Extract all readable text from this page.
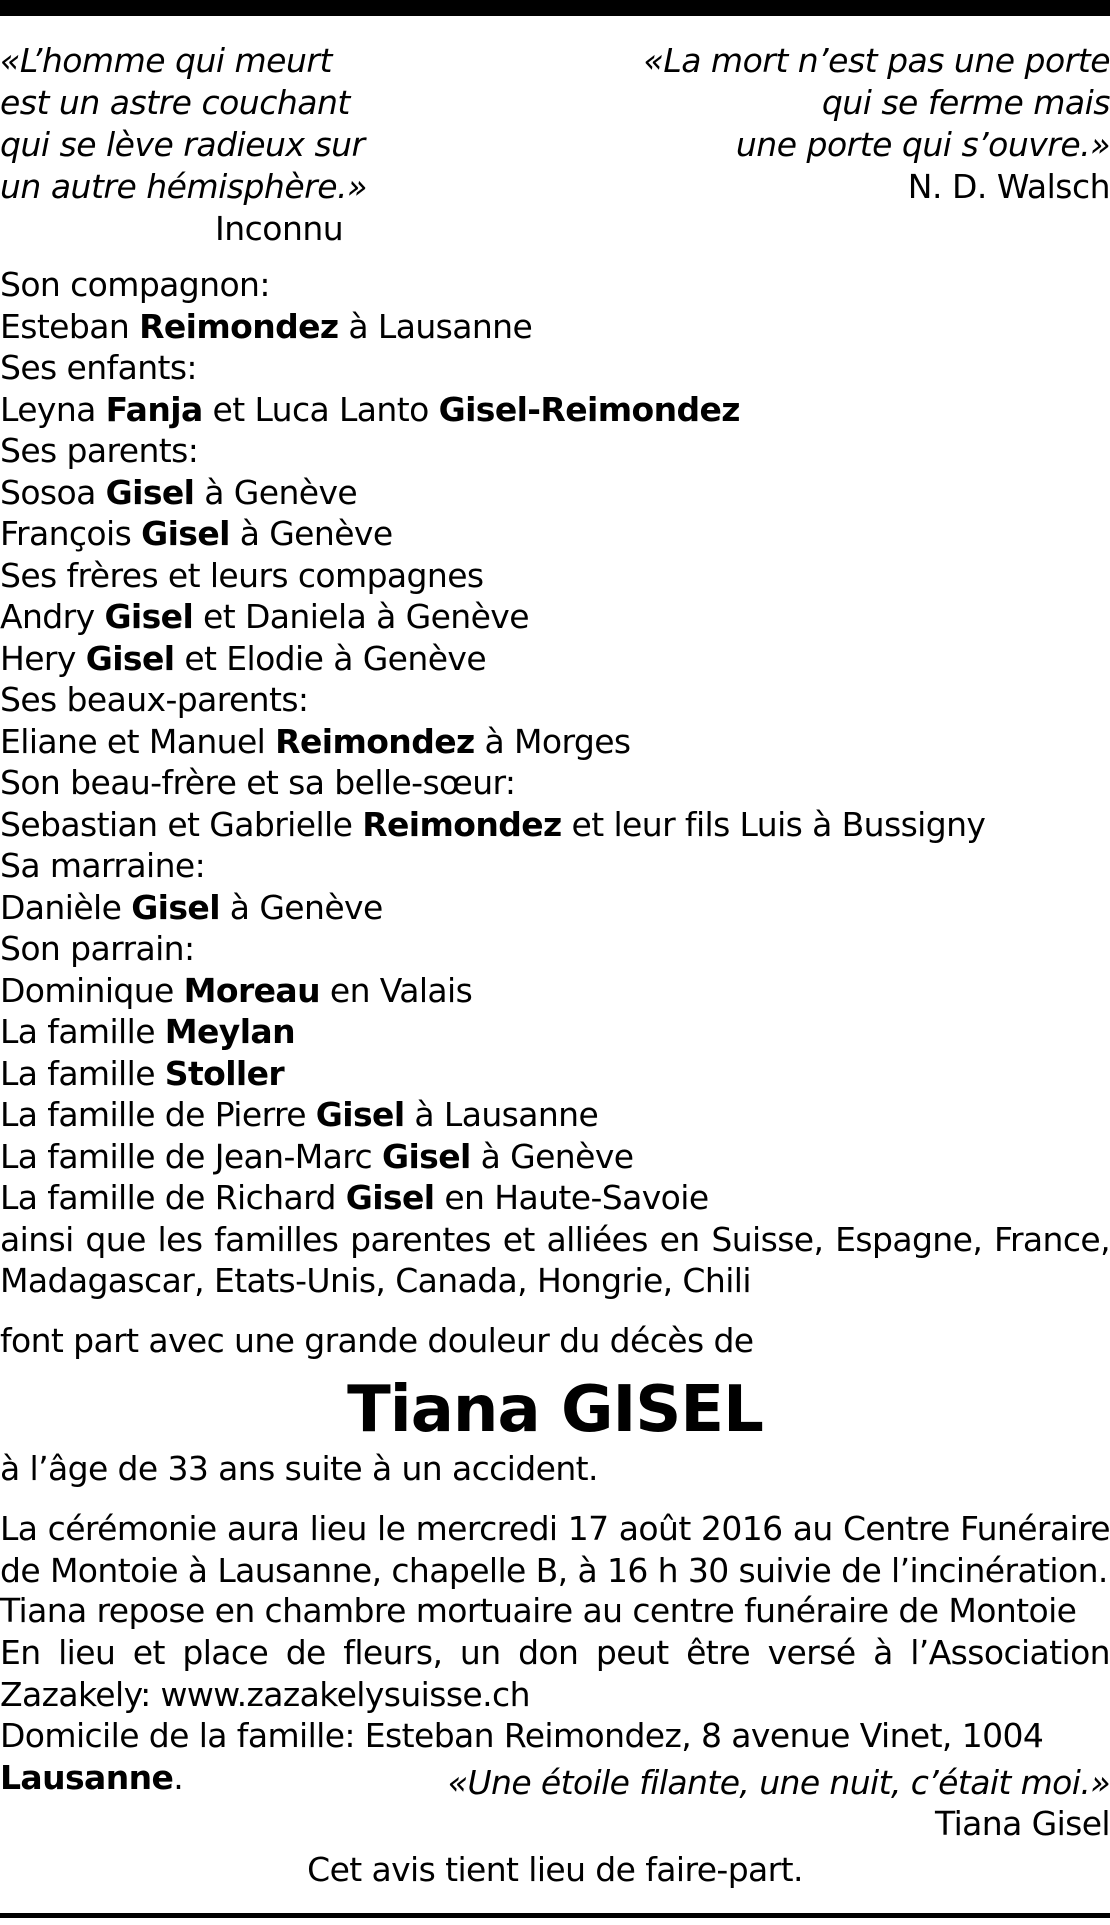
«L’homme qui meurt
est un astre couchant
qui se lève radieux sur
un autre hémisphère.»
Inconnu
«La mort n’est pas une porte
qui se ferme mais
une porte qui s’ouvre.»
N. D. Walsch
Son compagnon:
Esteban Reimondez à Lausanne
Ses enfants:
Leyna Fanja et Luca Lanto Gisel-Reimondez
Ses parents:
Sosoa Gisel à Genève
François Gisel à Genève
Ses frères et leurs compagnes
Andry Gisel et Daniela à Genève
Hery Gisel et Elodie à Genève
Ses beaux-parents:
Eliane et Manuel Reimondez à Morges
Son beau-frère et sa belle-sœur:
Sebastian et Gabrielle Reimondez et leur fils Luis à Bussigny
Sa marraine:
Danièle Gisel à Genève
Son parrain:
Dominique Moreau en Valais
La famille Meylan
La famille Stoller
La famille de Pierre Gisel à Lausanne
La famille de Jean-Marc Gisel à Genève
La famille de Richard Gisel en Haute-Savoie
ainsi que les familles parentes et alliées en Suisse, Espagne, France, Madagascar, Etats-Unis, Canada, Hongrie, Chili
font part avec une grande douleur du décès de
Tiana GISEL
à l’âge de 33 ans suite à un accident.
La cérémonie aura lieu le mercredi 17 août 2016 au Centre Funéraire de Montoie à Lausanne, chapelle B, à 16 h 30 suivie de l’incinération.
Tiana repose en chambre mortuaire au centre funéraire de Montoie
En lieu et place de fleurs, un don peut être versé à l’Association Zazakely: www.zazakelysuisse.ch
Domicile de la famille: Esteban Reimondez, 8 avenue Vinet, 1004 Lausanne.	«Une étoile filante, une nuit, c’était moi.»
Tiana Gisel
Cet avis tient lieu de faire-part.
